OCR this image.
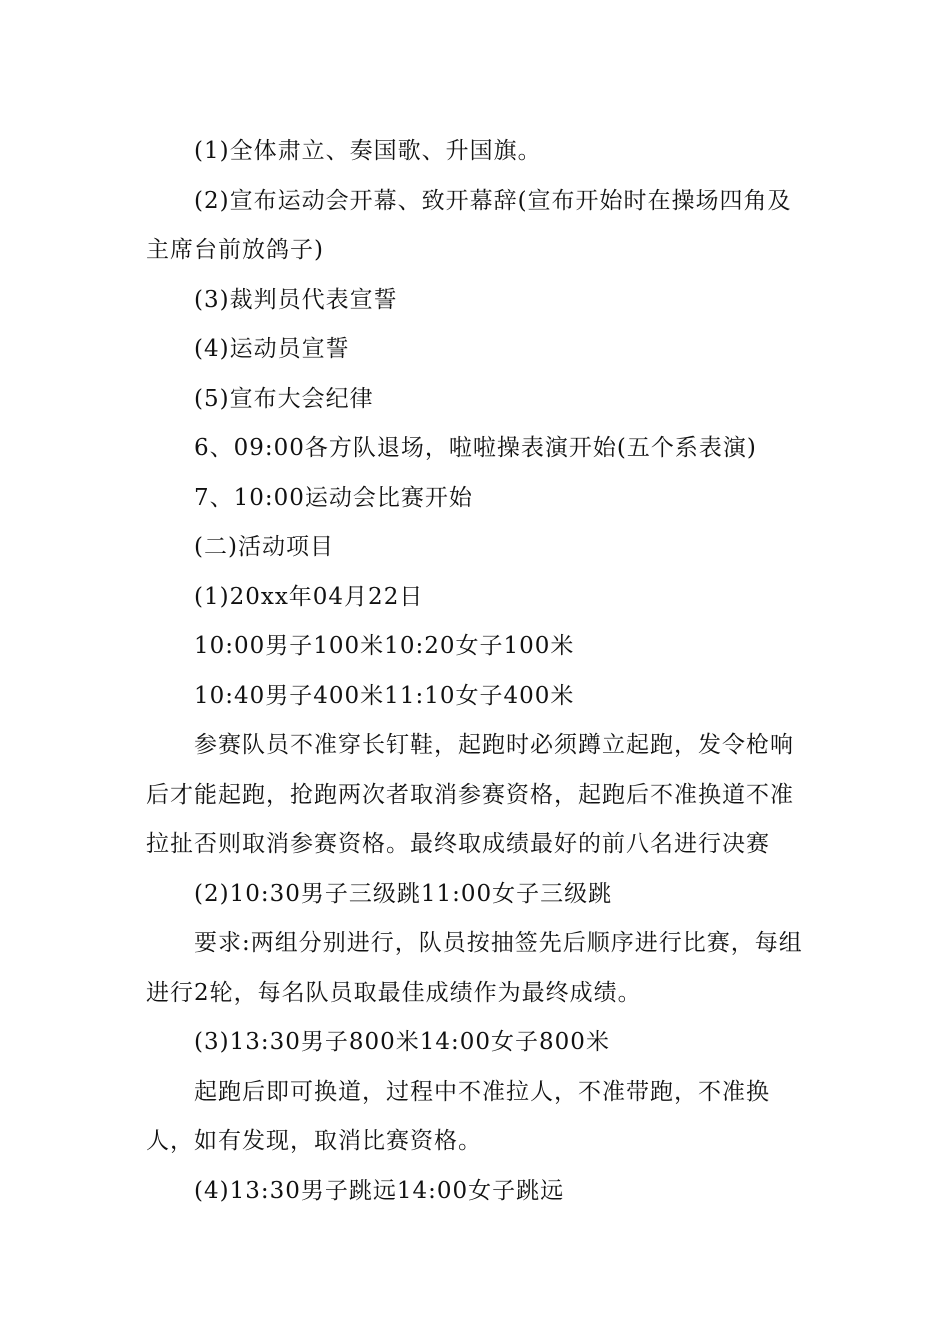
(1)全体肃立、奏国歌、升国旗。

(2)宣布运动会开幕、致开幕辞(宣布开始时在操场四角及主席台前放鸽子)

(3)裁判员代表宣誓

(4)运动员宣誓

(5)宣布大会纪律

6、09:00各方队退场，啦啦操表演开始(五个系表演)

7、10:00运动会比赛开始

(二)活动项目

(1)20xx年04月22日

10:00男子100米10:20女子100米

10:40男子400米11:10女子400米

参赛队员不准穿长钉鞋，起跑时必须蹲立起跑，发令枪响后才能起跑，抢跑两次者取消参赛资格，起跑后不准换道不准拉扯否则取消参赛资格。最终取成绩最好的前八名进行决赛

(2)10:30男子三级跳11:00女子三级跳

要求:两组分别进行，队员按抽签先后顺序进行比赛，每组进行2轮，每名队员取最佳成绩作为最终成绩。

(3)13:30男子800米14:00女子800米

起跑后即可换道，过程中不准拉人，不准带跑，不准换人，如有发现，取消比赛资格。

(4)13:30男子跳远14:00女子跳远
